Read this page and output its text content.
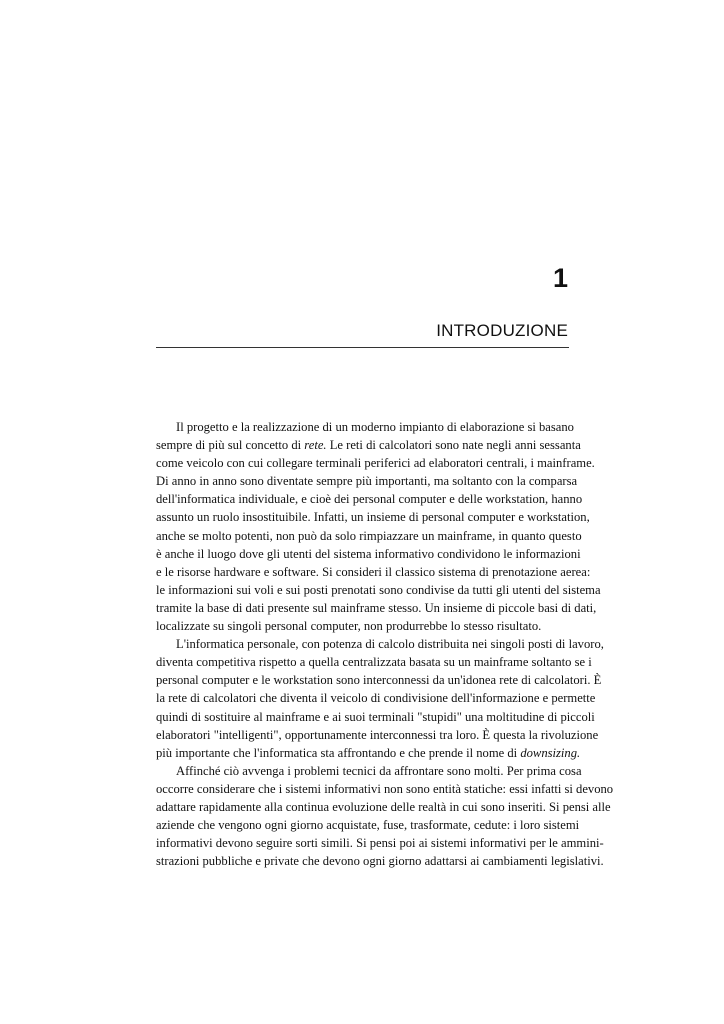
1
INTRODUZIONE
Il progetto e la realizzazione di un moderno impianto di elaborazione si basano
sempre di più sul concetto di rete. Le reti di calcolatori sono nate negli anni sessanta
come veicolo con cui collegare terminali periferici ad elaboratori centrali, i mainframe.
Di anno in anno sono diventate sempre più importanti, ma soltanto con la comparsa
dell'informatica individuale, e cioè dei personal computer e delle workstation, hanno
assunto un ruolo insostituibile. Infatti, un insieme di personal computer e workstation,
anche se molto potenti, non può da solo rimpiazzare un mainframe, in quanto questo
è anche il luogo dove gli utenti del sistema informativo condividono le informazioni
e le risorse hardware e software. Si consideri il classico sistema di prenotazione aerea:
le informazioni sui voli e sui posti prenotati sono condivise da tutti gli utenti del sistema
tramite la base di dati presente sul mainframe stesso. Un insieme di piccole basi di dati,
localizzate su singoli personal computer, non produrrebbe lo stesso risultato.
L'informatica personale, con potenza di calcolo distribuita nei singoli posti di lavoro,
diventa competitiva rispetto a quella centralizzata basata su un mainframe soltanto se i
personal computer e le workstation sono interconnessi da un'idonea rete di calcolatori. È
la rete di calcolatori che diventa il veicolo di condivisione dell'informazione e permette
quindi di sostituire al mainframe e ai suoi terminali "stupidi" una moltitudine di piccoli
elaboratori "intelligenti", opportunamente interconnessi tra loro. È questa la rivoluzione
più importante che l'informatica sta affrontando e che prende il nome di downsizing.
Affinché ciò avvenga i problemi tecnici da affrontare sono molti. Per prima cosa
occorre considerare che i sistemi informativi non sono entità statiche: essi infatti si devono
adattare rapidamente alla continua evoluzione delle realtà in cui sono inseriti. Si pensi alle
aziende che vengono ogni giorno acquistate, fuse, trasformate, cedute: i loro sistemi
informativi devono seguire sorti simili. Si pensi poi ai sistemi informativi per le ammini-
strazioni pubbliche e private che devono ogni giorno adattarsi ai cambiamenti legislativi.
